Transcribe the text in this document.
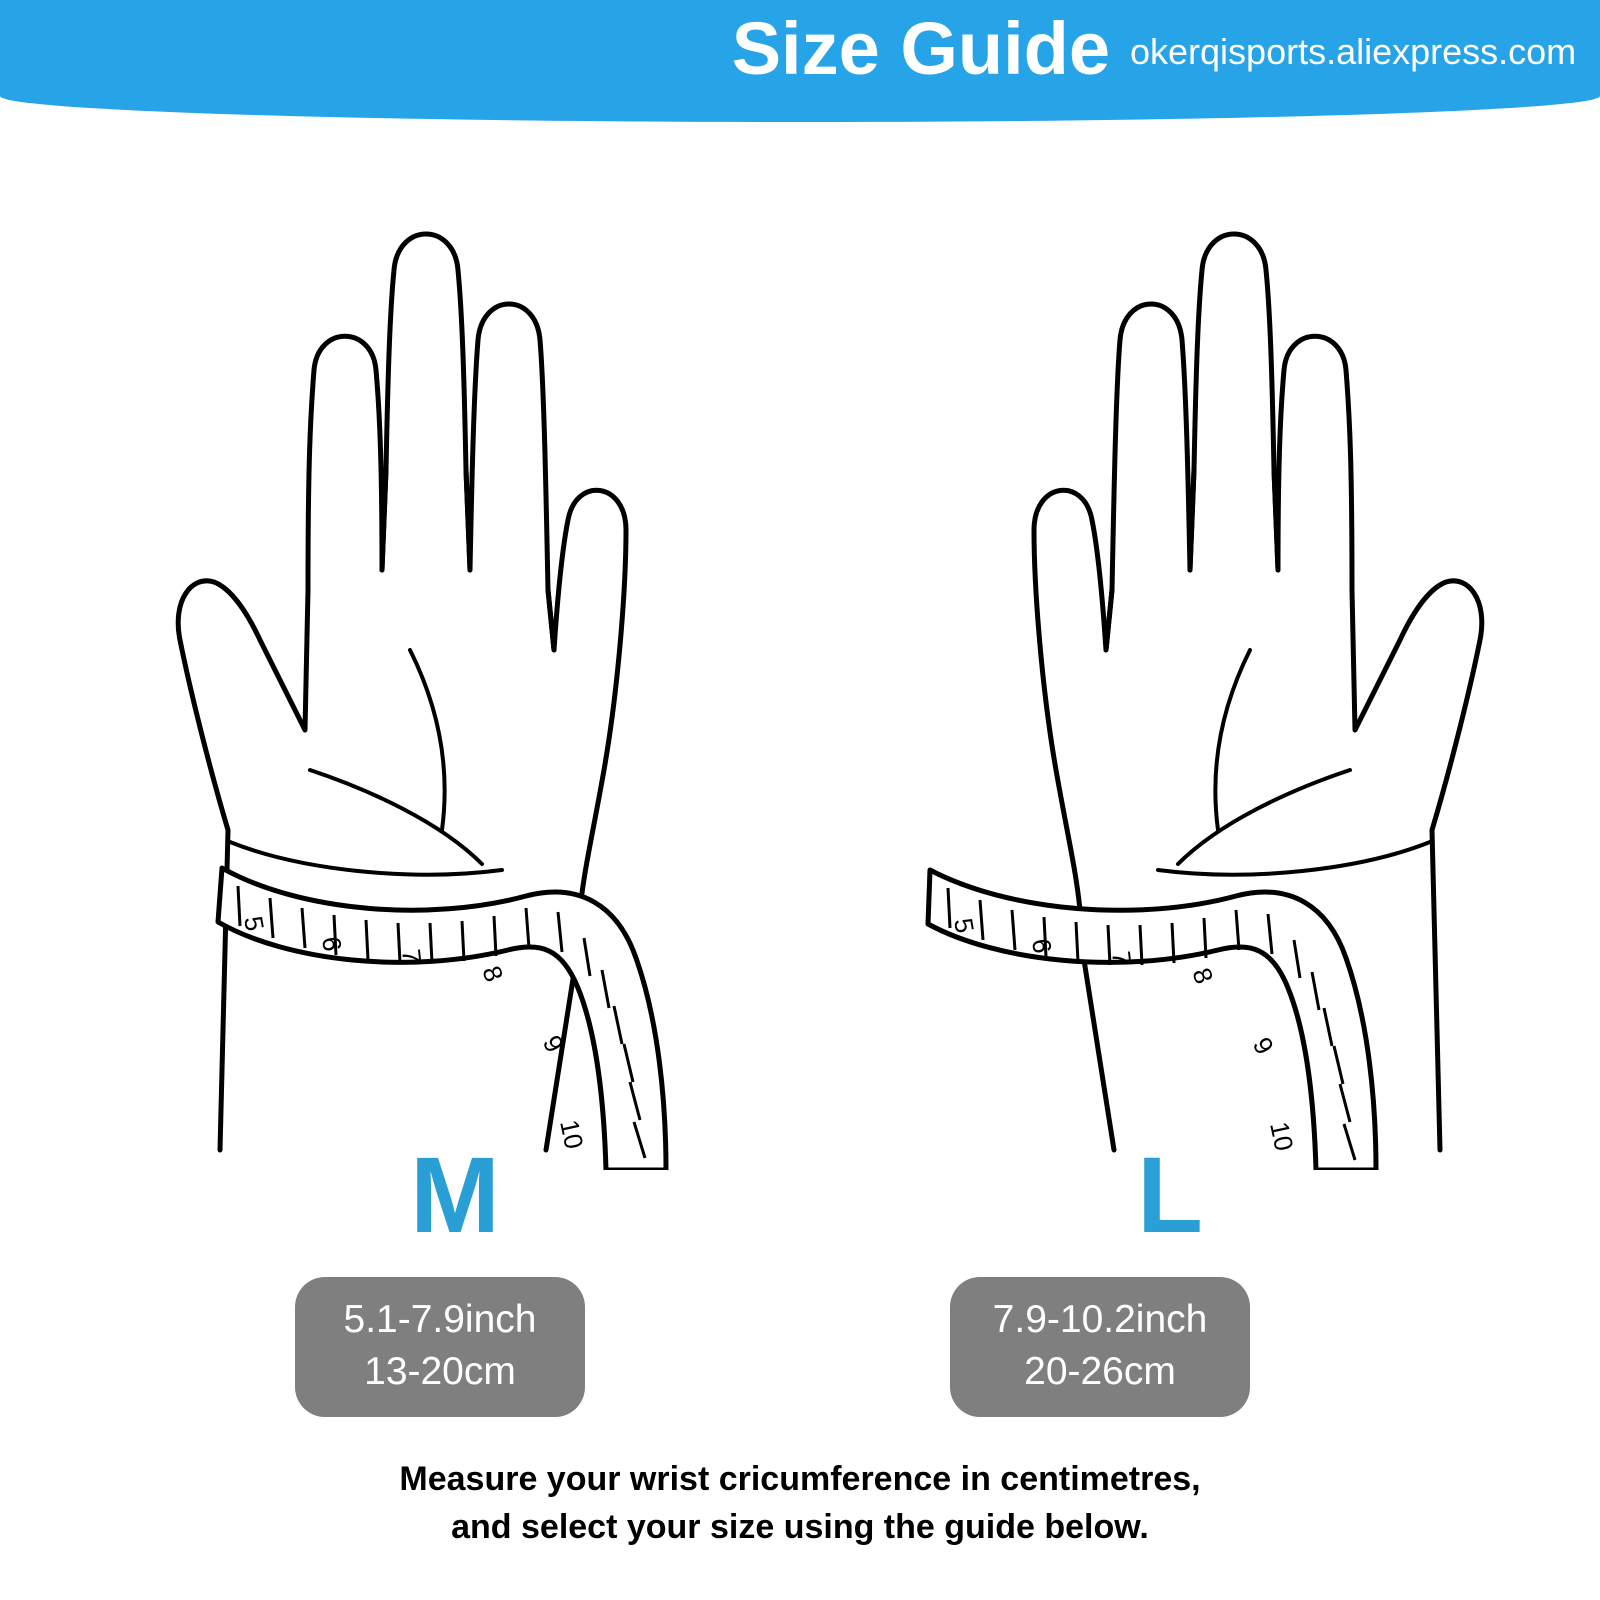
Size Guide okerqisports.aliexpress.com
5
6
7
8
9
10
5
6
7
8
9
10
M	L
5.1-7.9inch
13-20cm
7.9-10.2inch
20-26cm
Measure your wrist cricumference in centimetres,
and select your size using the guide below.
